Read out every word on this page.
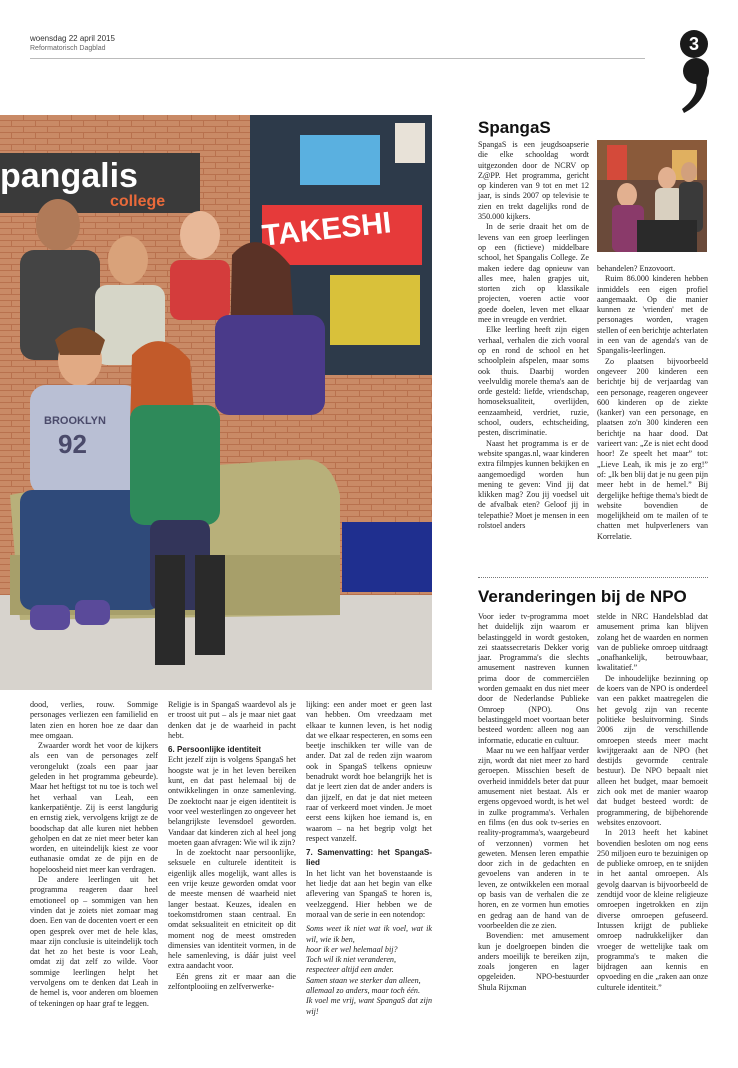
woensdag 22 april 2015
Reformatorisch Dagblad	3
pangalis
college
TAKESHI
BROOKLYN
92

dood, verlies, rouw. Sommige personages verliezen een familielid en laten zien en horen hoe ze daar dan mee omgaan.

Zwaarder wordt het voor de kijkers als een van de personages zelf verongelukt (zoals een paar jaar geleden in het programma gebeurde). Maar het heftigst tot nu toe is toch wel het verhaal van Leah, een kankerpatiëntje. Zij is eerst langdurig en ernstig ziek, vervolgens krijgt ze de boodschap dat alle kuren niet hebben geholpen en dat ze niet meer beter kan worden, en uiteindelijk kiest ze voor euthanasie omdat ze de pijn en de hopeloosheid niet meer kan verdragen.

De andere leerlingen uit het programma reageren daar heel emotioneel op – sommigen van hen vinden dat je zoiets niet zomaar mag doen. Een van de docenten voert er een open gesprek over met de hele klas, maar zijn conclusie is uiteindelijk toch dat het zo het beste is voor Leah, omdat zij dat zelf zo wilde. Voor sommige leerlingen helpt het vervolgens om te denken dat Leah in de hemel is, voor anderen om bloemen of tekeningen op haar graf te leggen.

Religie is in SpangaS waardevol als je er troost uit put – als je maar niet gaat denken dat je de waarheid in pacht hebt.

6. Persoonlijke identiteit

Echt jezelf zijn is volgens SpangaS het hoogste wat je in het leven bereiken kunt, en dat past helemaal bij de ontwikkelingen in onze samenleving. De zoektocht naar je eigen identiteit is voor veel westerlingen zo ongeveer het belangrijkste levensdoel geworden. Vandaar dat kinderen zich al heel jong moeten gaan afvragen: Wie wil ik zijn?

In de zoektocht naar persoonlijke, seksuele en culturele identiteit is eigenlijk alles mogelijk, want alles is een vrije keuze geworden omdat voor de meeste mensen dé waarheid niet langer bestaat. Keuzes, idealen en toekomstdromen staan centraal. En omdat seksualiteit en etniciteit op dit moment nog de meest omstreden dimensies van identiteit vormen, in de hele samenleving, is dáár juist veel extra aandacht voor.

Eén grens zit er maar aan die zelfontplooiing en zelfverwerke-

lijking: een ander moet er geen last van hebben. Om vreedzaam met elkaar te kunnen leven, is het nodig dat we elkaar respecteren, en soms een beetje inschikken ter wille van de ander. Dat zal de reden zijn waarom ook in SpangaS telkens opnieuw benadrukt wordt hoe belangrijk het is dat je leert zien dat de ander anders is dan jijzelf, en dat je dat niet meteen raar of verkeerd moet vinden. Je moet eerst eens kijken hoe iemand is, en waarom – na het begrip volgt het respect vanzelf.

7. Samenvatting: het SpangaS-lied

In het licht van het bovenstaande is het liedje dat aan het begin van elke aflevering van SpangaS te horen is, veelzeggend. Hier hebben we de moraal van de serie in een notendop:

Soms weet ik niet wat ik voel, wat ik wil, wie ik ben,
hoor ik er wel helemaal bij?
Toch wil ik niet veranderen,
respecteer altijd een ander.
Samen staan we sterker dan alleen,
allemaal zo anders, maar toch één.
Ik voel me vrij, want SpangaS dat zijn wij!
SpangaS

SpangaS is een jeugdsoapserie die elke schooldag wordt uitgezonden door de NCRV op Z@PP. Het programma, gericht op kinderen van 9 tot en met 12 jaar, is sinds 2007 op televisie te zien en trekt dagelijks rond de 350.000 kijkers.

In de serie draait het om de levens van een groep leerlingen op een (fictieve) middelbare school, het Spangalis College. Ze maken iedere dag opnieuw van alles mee, halen grapjes uit, storten zich op klassikale projecten, voeren actie voor goede doelen, leven met elkaar mee in vreugde en verdriet.

Elke leerling heeft zijn eigen verhaal, verhalen die zich vooral op en rond de school en het schoolplein afspelen, maar soms ook thuis. Daarbij worden veelvuldig morele thema's aan de orde gesteld: liefde, vriendschap, homoseksualiteit, overlijden, eenzaamheid, verdriet, ruzie, school, ouders, echtscheiding, pesten, discriminatie.

Naast het programma is er de website spangas.nl, waar kinderen extra filmpjes kunnen bekijken en aangemoedigd worden hun mening te geven: Vind jij dat klikken mag? Zou jij voedsel uit de afvalbak eten? Geloof jij in telepathie? Moet je mensen in een rolstoel anders

behandelen? Enzovoort.

Ruim 86.000 kinderen hebben inmiddels een eigen profiel aangemaakt. Op die manier kunnen ze 'vrienden' met de personages worden, vragen stellen of een berichtje achterlaten in een van de agenda's van de Spangalis-leerlingen.

Zo plaatsen bijvoorbeeld ongeveer 200 kinderen een berichtje bij de verjaardag van een personage, reageren ongeveer 600 kinderen op de ziekte (kanker) van een personage, en plaatsen zo'n 300 kinderen een berichtje na haar dood. Dat varieert van: „Ze is niet echt dood hoor! Ze speelt het maar” tot: „Lieve Leah, ik mis je zo erg!” of: „Ik ben blij dat je nu geen pijn meer hebt in de hemel.” Bij dergelijke heftige thema's biedt de website bovendien de mogelijkheid om te mailen of te chatten met hulpverleners van Korrelatie.

Veranderingen bij de NPO

Voor ieder tv-programma moet het duidelijk zijn waarom er belastinggeld in wordt gestoken, zei staatssecretaris Dekker vorig jaar. Programma's die slechts amusement nastreven kunnen prima door de commerciëlen worden gemaakt en dus niet meer door de Nederlandse Publieke Omroep (NPO). Ons belastinggeld moet voortaan beter besteed worden: alleen nog aan informatie, educatie en cultuur.

Maar nu we een halfjaar verder zijn, wordt dat niet meer zo hard geroepen. Misschien beseft de overheid inmiddels beter dat puur amusement niet bestaat. Als er ergens opgevoed wordt, is het wel in zulke programma's. Verhalen en films (en dus ook tv-series en reality-programma's, waargebeurd of verzonnen) vormen het geweten. Mensen leren empathie door zich in de gedachten en gevoelens van anderen in te leven, ze ontwikkelen een moraal op basis van de verhalen die ze horen, en ze vormen hun emoties en gedrag aan de hand van de voorbeelden die ze zien.

Bovendien: met amusement kun je doelgroepen binden die anders moeilijk te bereiken zijn, zoals jongeren en lager opgeleiden. NPO-bestuurder Shula Rijxman

stelde in NRC Handelsblad dat amusement prima kan blijven zolang het de waarden en normen van de publieke omroep uitdraagt „onafhankelijk, betrouwbaar, kwalitatief.”

De inhoudelijke bezinning op de koers van de NPO is onderdeel van een pakket maatregelen die het gevolg zijn van recente politieke besluitvorming. Sinds 2006 zijn de verschillende omroepen steeds meer macht kwijtgeraakt aan de NPO (het destijds gevormde centrale bestuur). De NPO bepaalt niet alleen het budget, maar bemoeit zich ook met de manier waarop dat budget besteed wordt: de programmering, de bijbehorende websites enzovoort.

In 2013 heeft het kabinet bovendien besloten om nog eens 250 miljoen euro te bezuinigen op de publieke omroep, en te snijden in het aantal omroepen. Als gevolg daarvan is bijvoorbeeld de zendtijd voor de kleine religieuze omroepen ingetrokken en zijn diverse omroepen gefuseerd. Intussen krijgt de publieke omroep nadrukkelijker dan vroeger de wettelijke taak om programma's te maken die bijdragen aan kennis en opvoeding en die „raken aan onze culturele identiteit.”
